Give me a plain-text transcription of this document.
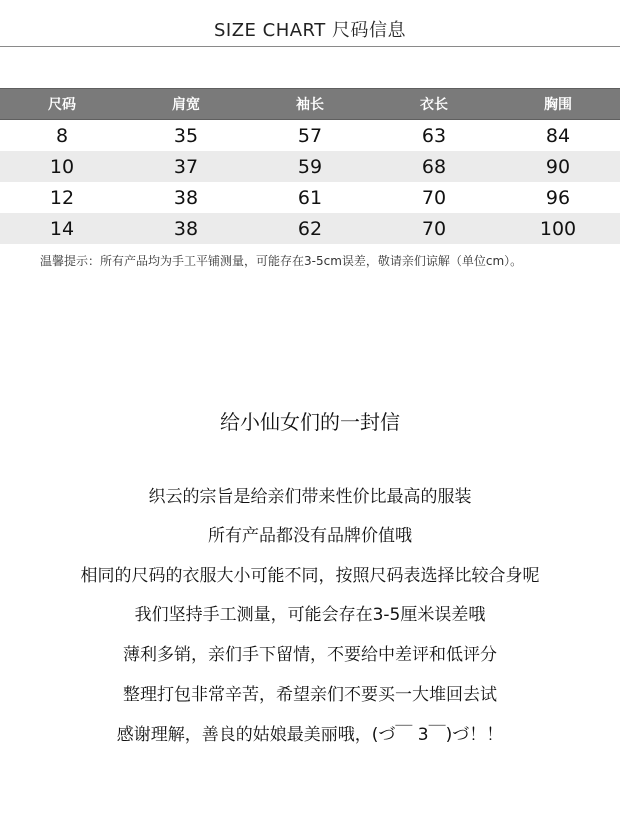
SIZE CHART 尺码信息
尺码	肩宽	袖长	衣长	胸围
8	35	57	63	84
10	37	59	68	90
12	38	61	70	96
14	38	62	70	100
温馨提示：所有产品均为手工平铺测量，可能存在3-5cm误差，敬请亲们谅解（单位cm）。
给小仙女们的一封信
织云的宗旨是给亲们带来性价比最高的服装
所有产品都没有品牌价值哦
相同的尺码的衣服大小可能不同，按照尺码表选择比较合身呢
我们坚持手工测量，可能会存在3-5厘米误差哦
薄利多销，亲们手下留情，不要给中差评和低评分
整理打包非常辛苦，希望亲们不要买一大堆回去试
感谢理解，善良的姑娘最美丽哦，(づ￣ 3￣)づ！！
